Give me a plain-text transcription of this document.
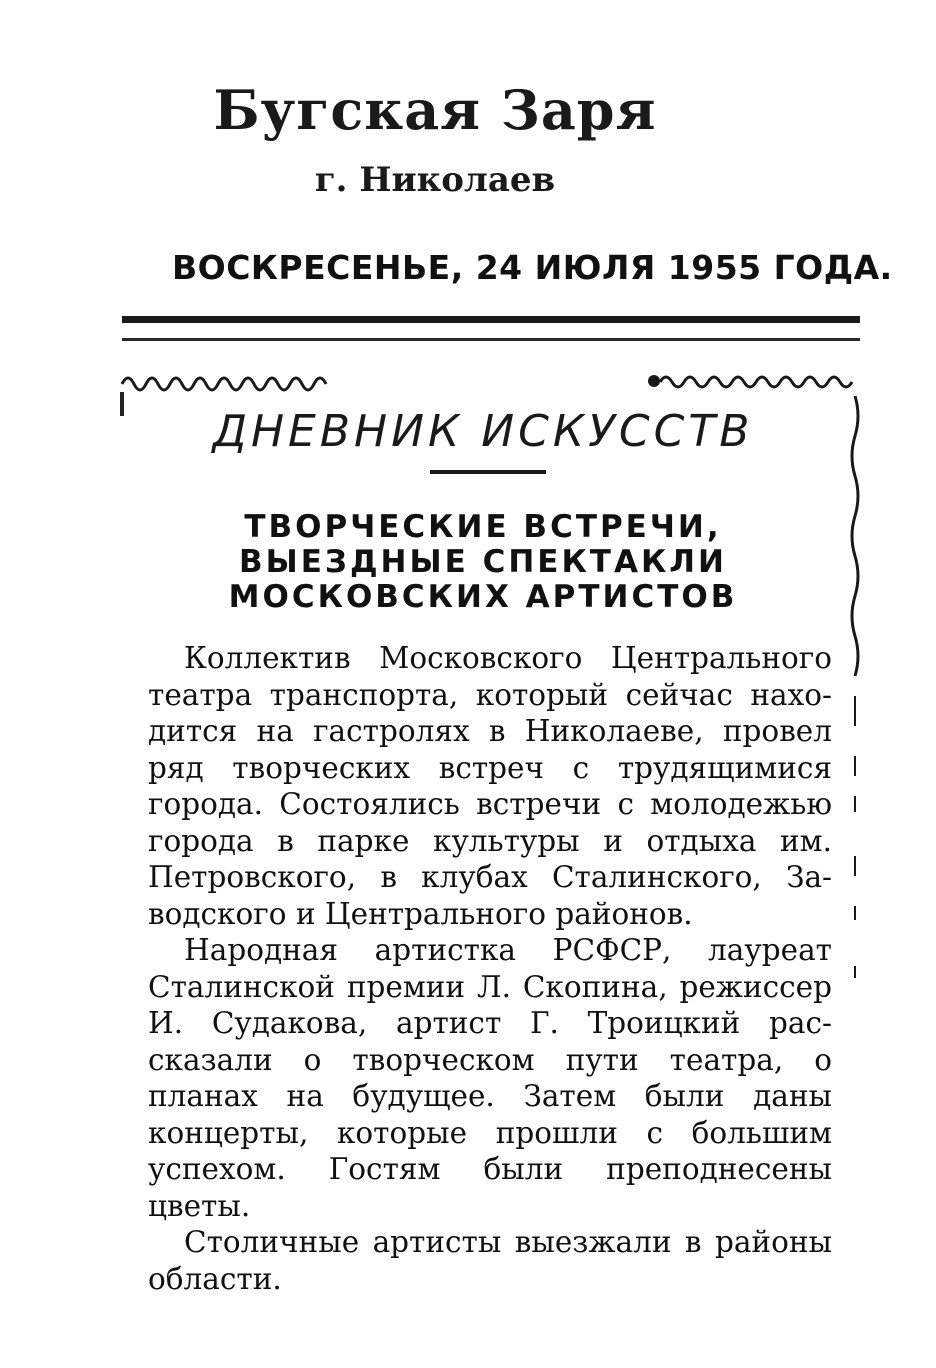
Бугская Заря
г. Николаев
ВОСКРЕСЕНЬЕ, 24 ИЮЛЯ 1955 ГОДА.
ДНЕВНИК ИСКУССТВ
ТВОРЧЕСКИЕ ВСТРЕЧИ,
ВЫЕЗДНЫЕ СПЕКТАКЛИ
МОСКОВСКИХ АРТИСТОВ

Коллектив Московского Центрального театра транспорта, который сейчас находится на гастролях в Николаеве, провел ряд творческих встреч с трудящимися города. Состоялись встречи с молодежью города в парке культуры и отдыха им. Петровского, в клубах Сталинского, Заводского и Центрального районов.

Народная артистка РСФСР, лауреат Сталинской премии Л. Скопина, режиссер И. Судакова, артист Г. Троицкий рассказали о творческом пути театра, о планах на будущее. Затем были даны концерты, которые прошли с большим успехом. Гостям были преподнесены цветы.

Столичные артисты выезжали в районы области.
